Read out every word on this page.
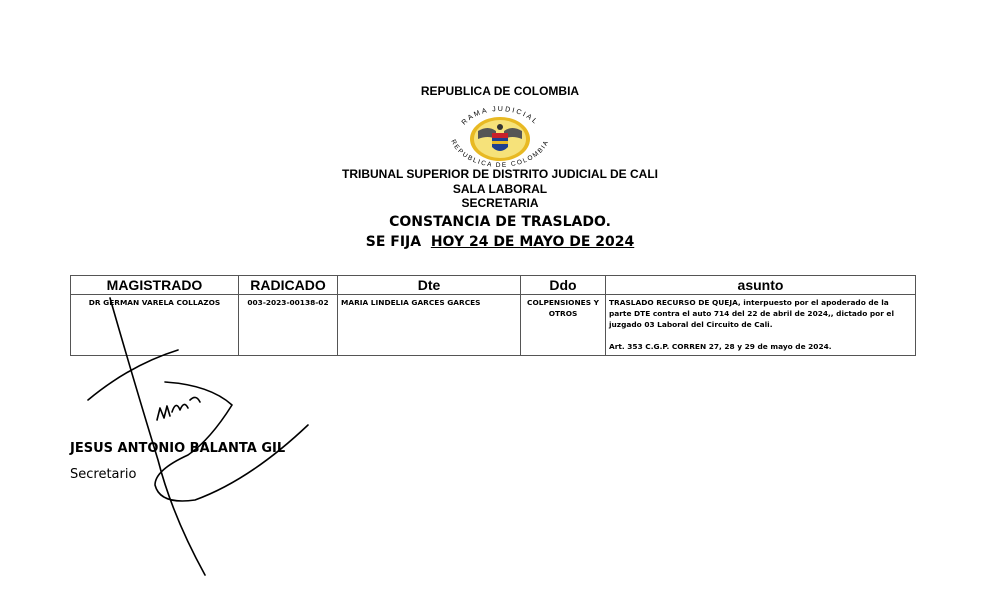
REPUBLICA DE COLOMBIA
RAMA JUDICIAL
REPUBLICA DE COLOMBIA
TRIBUNAL SUPERIOR DE DISTRITO JUDICIAL DE CALI
SALA LABORAL
SECRETARIA
CONSTANCIA DE TRASLADO.
SE FIJA HOY 24 DE MAYO DE 2024
MAGISTRADO	RADICADO	Dte	Ddo	asunto
DR GERMAN VARELA COLLAZOS	003-2023-00138-02	MARIA LINDELIA GARCES GARCES	COLPENSIONES Y OTROS	TRASLADO RECURSO DE QUEJA, interpuesto por el apoderado de la parte DTE contra el auto 714 del 22 de abril de 2024,, dictado por el juzgado 03 Laboral del Circuito de Cali.
Art. 353 C.G.P. CORREN 27, 28 y 29 de mayo de 2024.
JESUS ANTONIO BALANTA GIL
Secretario
